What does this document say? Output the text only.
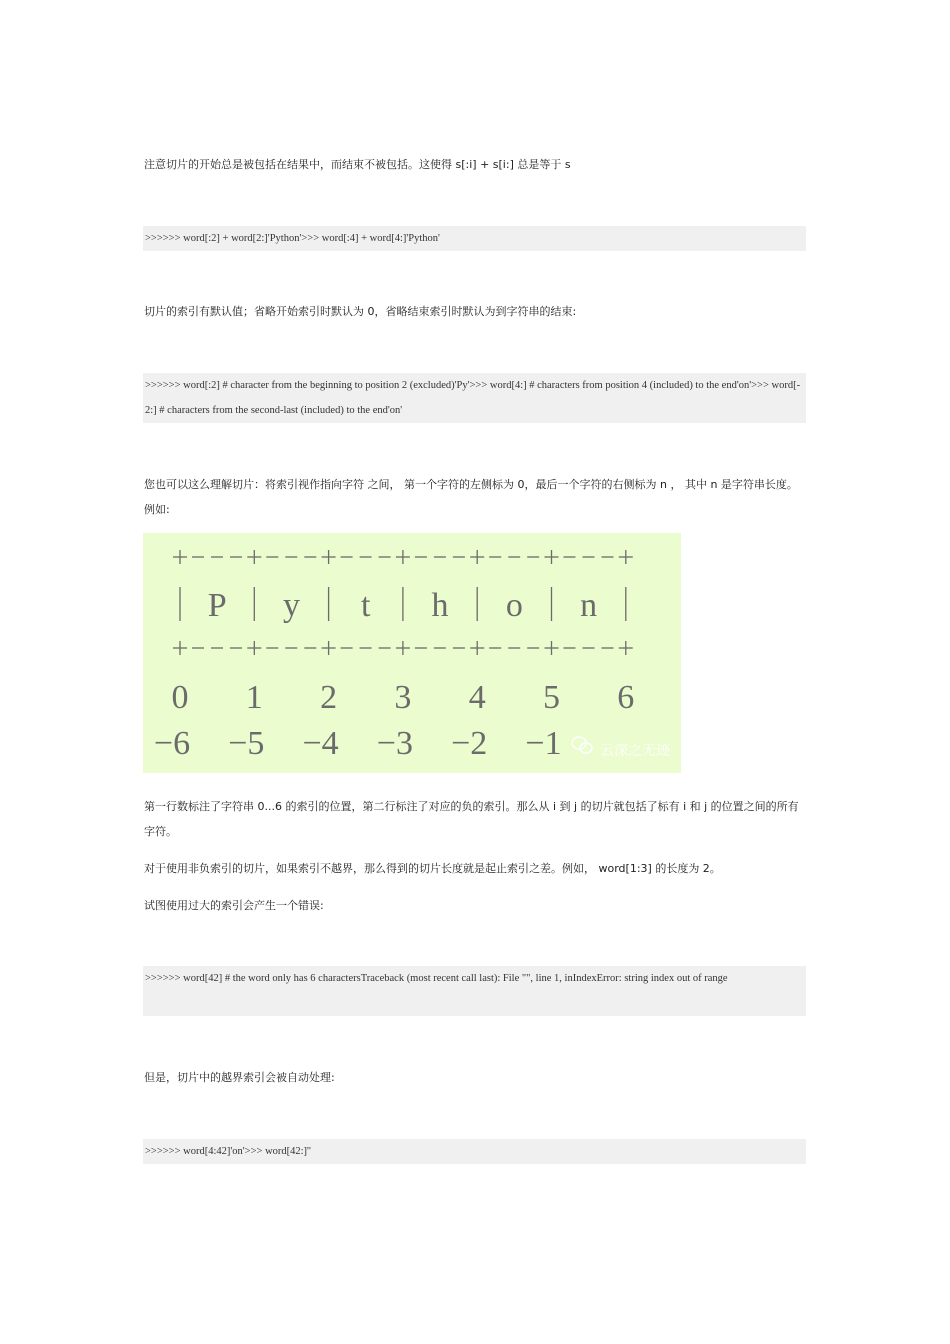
注意切片的开始总是被包括在结果中，而结束不被包括。这使得 s[:i] + s[i:] 总是等于 s
>>>>>> word[:2] + word[2:]'Python'>>> word[:4] + word[4:]'Python'
切片的索引有默认值；省略开始索引时默认为 0，省略结束索引时默认为到字符串的结束:
>>>>>> word[:2] # character from the beginning to position 2 (excluded)'Py'>>> word[4:] # characters from position 4 (included) to the end'on'>>> word[-2:] # characters from the second-last (included) to the end'on'
您也可以这么理解切片：将索引视作指向字符 之间， 第一个字符的左侧标为 0，最后一个字符的右侧标为 n ， 其中 n 是字符串长度。例如:
P y t h o n
0 1 2 3 4 5 6
−6 −5 −4 −3 −2 −1	云深之无迹
第一行数标注了字符串 0...6 的索引的位置，第二行标注了对应的负的索引。那么从 i 到 j 的切片就包括了标有 i 和 j 的位置之间的所有字符。
对于使用非负索引的切片，如果索引不越界，那么得到的切片长度就是起止索引之差。例如， word[1:3] 的长度为 2。
试图使用过大的索引会产生一个错误:
>>>>>> word[42] # the word only has 6 charactersTraceback (most recent call last): File "", line 1, inIndexError: string index out of range
但是，切片中的越界索引会被自动处理:
>>>>>> word[4:42]'on'>>> word[42:]''
